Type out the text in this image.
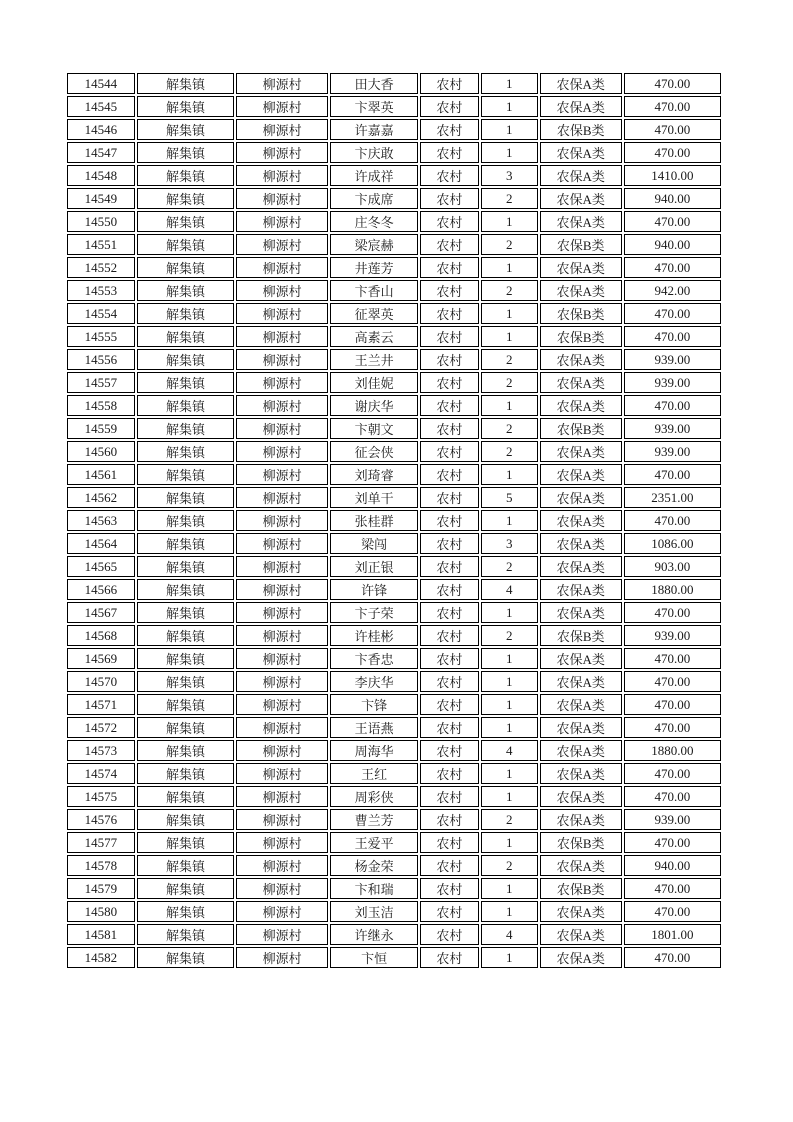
14544	解集镇	柳源村	田大香	农村	1	农保A类	470.00
14545	解集镇	柳源村	卞翠英	农村	1	农保A类	470.00
14546	解集镇	柳源村	许嘉嘉	农村	1	农保B类	470.00
14547	解集镇	柳源村	卞庆敢	农村	1	农保A类	470.00
14548	解集镇	柳源村	许成祥	农村	3	农保A类	1410.00
14549	解集镇	柳源村	卞成席	农村	2	农保A类	940.00
14550	解集镇	柳源村	庄冬冬	农村	1	农保A类	470.00
14551	解集镇	柳源村	梁宸赫	农村	2	农保B类	940.00
14552	解集镇	柳源村	井莲芳	农村	1	农保A类	470.00
14553	解集镇	柳源村	卞香山	农村	2	农保A类	942.00
14554	解集镇	柳源村	征翠英	农村	1	农保B类	470.00
14555	解集镇	柳源村	高素云	农村	1	农保B类	470.00
14556	解集镇	柳源村	王兰井	农村	2	农保A类	939.00
14557	解集镇	柳源村	刘佳妮	农村	2	农保A类	939.00
14558	解集镇	柳源村	谢庆华	农村	1	农保A类	470.00
14559	解集镇	柳源村	卞朝文	农村	2	农保B类	939.00
14560	解集镇	柳源村	征会侠	农村	2	农保A类	939.00
14561	解集镇	柳源村	刘琦睿	农村	1	农保A类	470.00
14562	解集镇	柳源村	刘单干	农村	5	农保A类	2351.00
14563	解集镇	柳源村	张桂群	农村	1	农保A类	470.00
14564	解集镇	柳源村	梁闯	农村	3	农保A类	1086.00
14565	解集镇	柳源村	刘正银	农村	2	农保A类	903.00
14566	解集镇	柳源村	许锋	农村	4	农保A类	1880.00
14567	解集镇	柳源村	卞子荣	农村	1	农保A类	470.00
14568	解集镇	柳源村	许桂彬	农村	2	农保B类	939.00
14569	解集镇	柳源村	卞香忠	农村	1	农保A类	470.00
14570	解集镇	柳源村	李庆华	农村	1	农保A类	470.00
14571	解集镇	柳源村	卞锋	农村	1	农保A类	470.00
14572	解集镇	柳源村	王语燕	农村	1	农保A类	470.00
14573	解集镇	柳源村	周海华	农村	4	农保A类	1880.00
14574	解集镇	柳源村	王红	农村	1	农保A类	470.00
14575	解集镇	柳源村	周彩侠	农村	1	农保A类	470.00
14576	解集镇	柳源村	曹兰芳	农村	2	农保A类	939.00
14577	解集镇	柳源村	王爱平	农村	1	农保B类	470.00
14578	解集镇	柳源村	杨金荣	农村	2	农保A类	940.00
14579	解集镇	柳源村	卞和瑞	农村	1	农保B类	470.00
14580	解集镇	柳源村	刘玉洁	农村	1	农保A类	470.00
14581	解集镇	柳源村	许继永	农村	4	农保A类	1801.00
14582	解集镇	柳源村	卞恒	农村	1	农保A类	470.00
